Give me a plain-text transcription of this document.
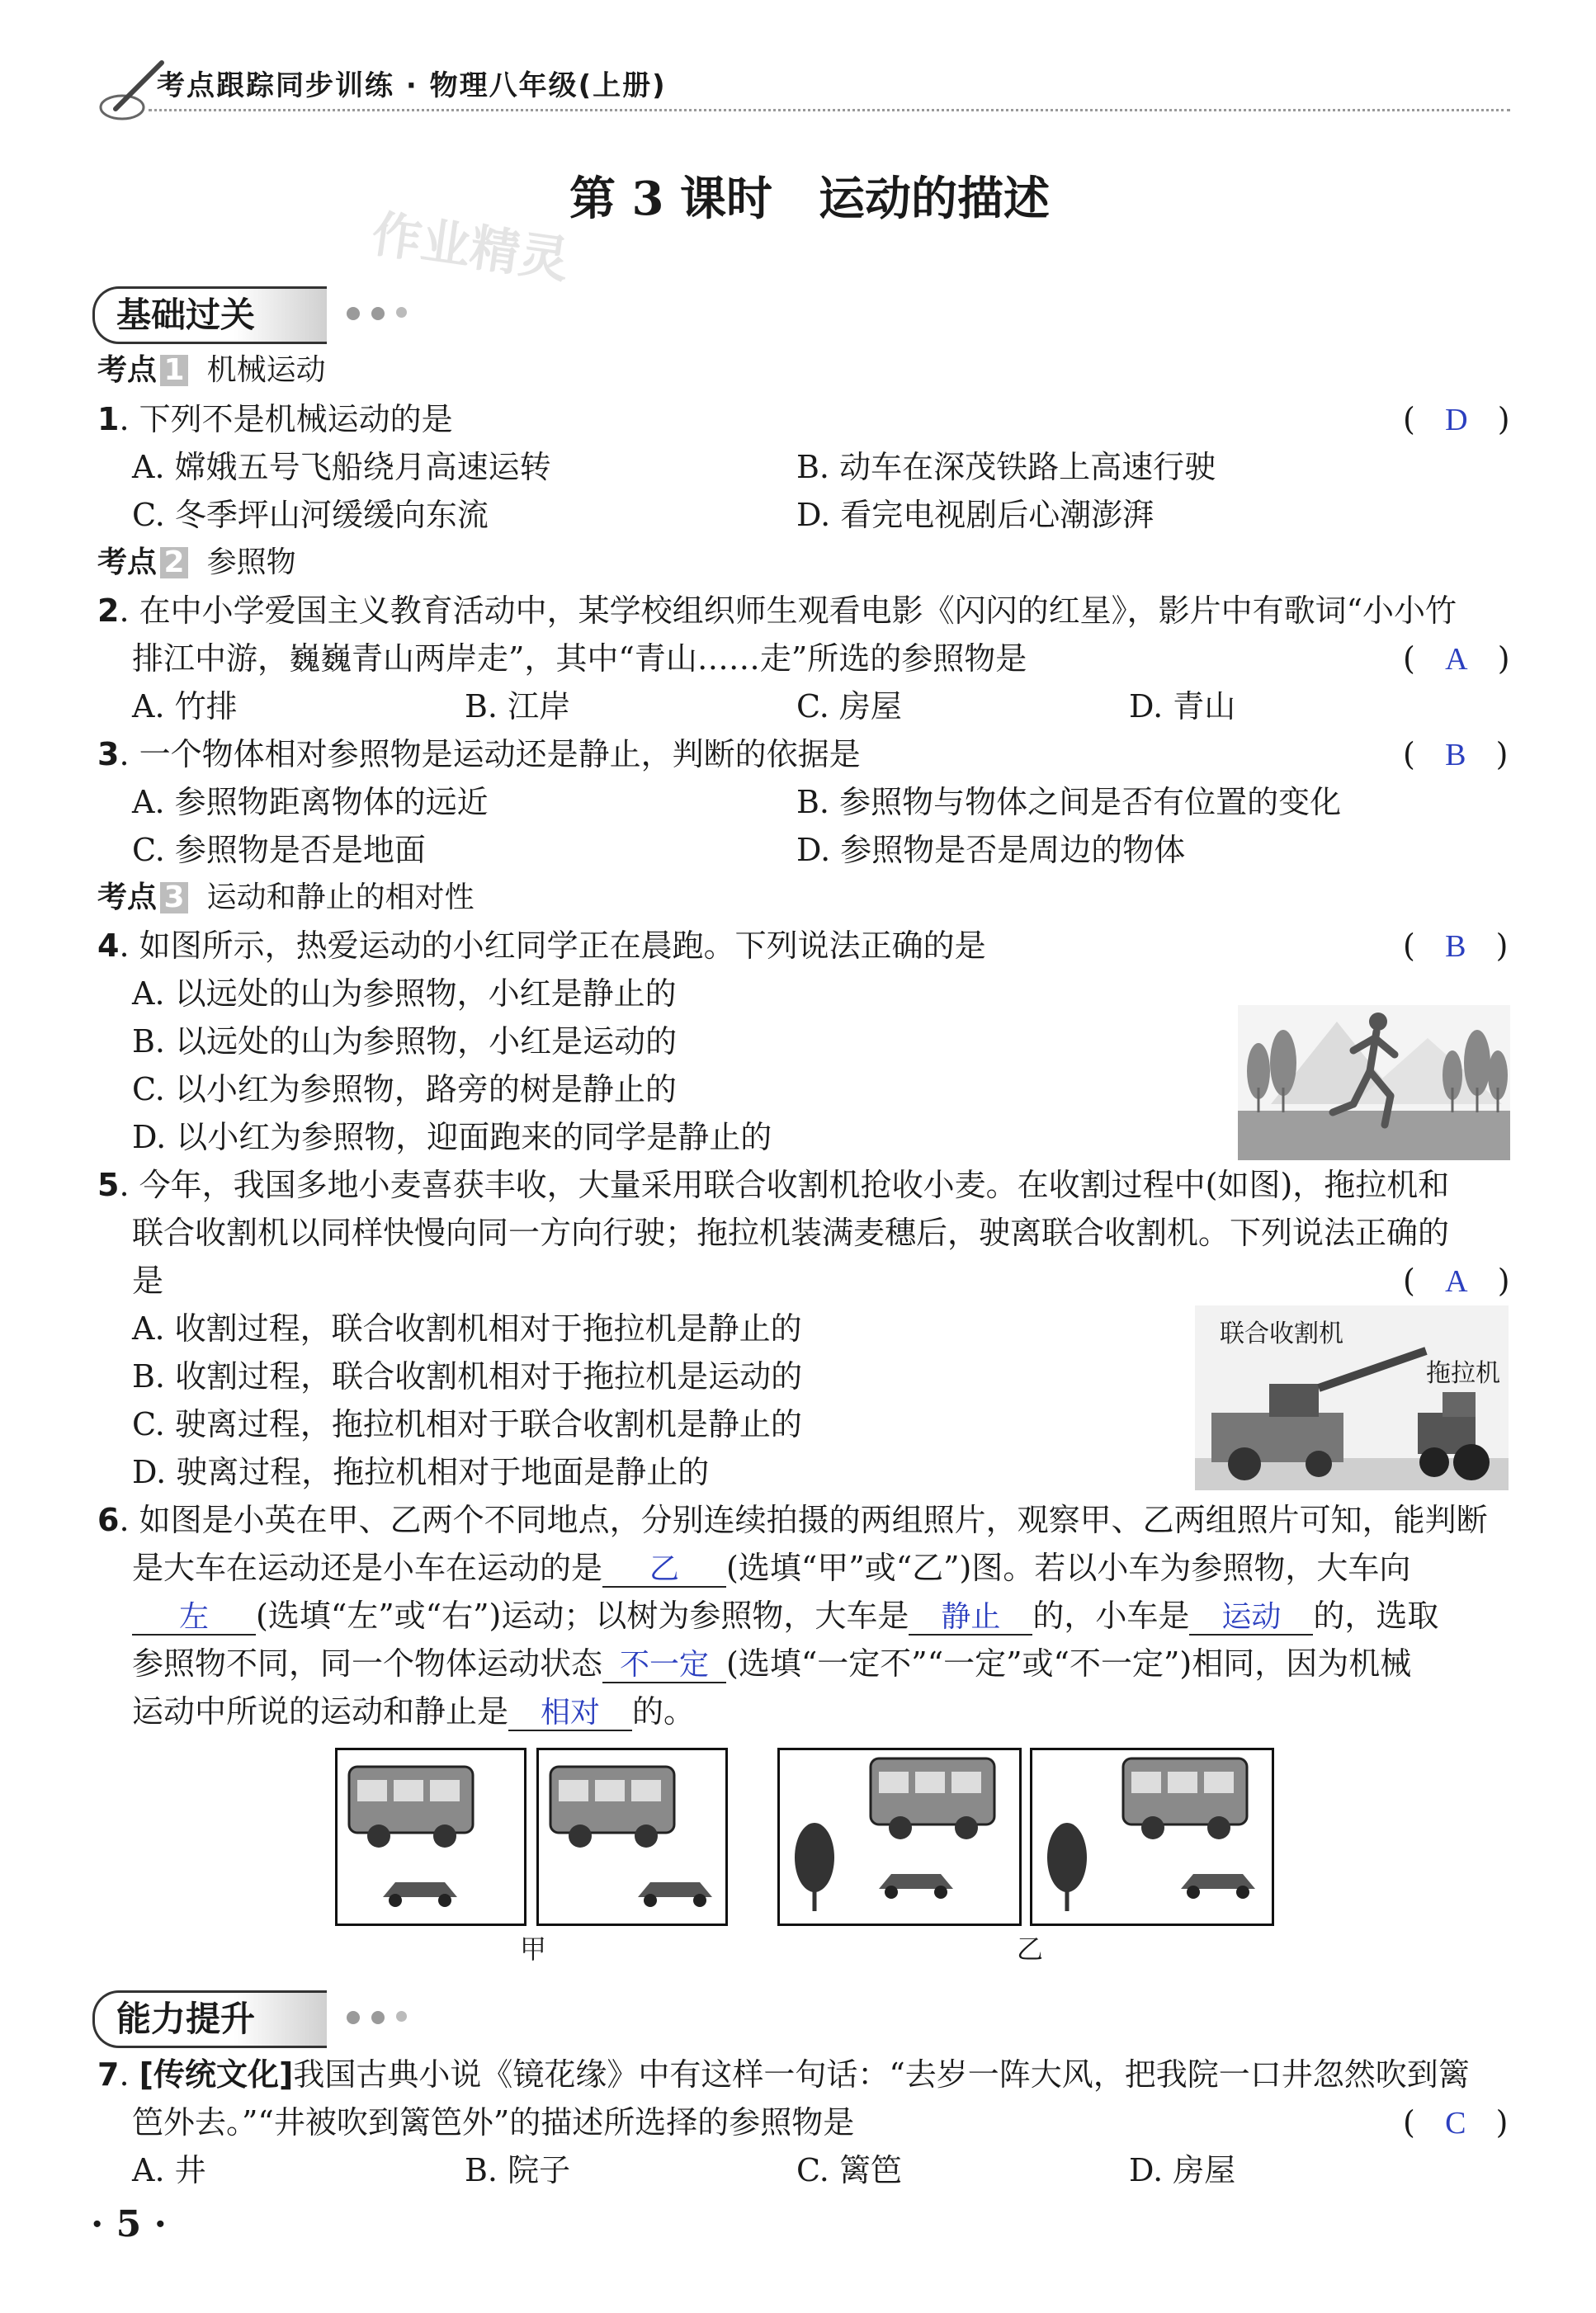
考点跟踪同步训练 · 物理八年级(上册)
第 3 课时　运动的描述
作业精灵
基础过关
考点 1 机械运动
1. 下列不是机械运动的是	(   D   )
A. 嫦娥五号飞船绕月高速运转	B. 动车在深茂铁路上高速行驶
C. 冬季坪山河缓缓向东流	D. 看完电视剧后心潮澎湃
考点 2 参照物
2. 在中小学爱国主义教育活动中，某学校组织师生观看电影《闪闪的红星》，影片中有歌词“小小竹
排江中游，巍巍青山两岸走”，其中“青山……走”所选的参照物是	(   A   )
A. 竹排	B. 江岸	C. 房屋	D. 青山
3. 一个物体相对参照物是运动还是静止，判断的依据是	(   B   )
A. 参照物距离物体的远近	B. 参照物与物体之间是否有位置的变化
C. 参照物是否是地面	D. 参照物是否是周边的物体
考点 3 运动和静止的相对性
4. 如图所示，热爱运动的小红同学正在晨跑。下列说法正确的是	(   B   )
A. 以远处的山为参照物，小红是静止的
B. 以远处的山为参照物，小红是运动的
C. 以小红为参照物，路旁的树是静止的
D. 以小红为参照物，迎面跑来的同学是静止的
5. 今年，我国多地小麦喜获丰收，大量采用联合收割机抢收小麦。在收割过程中(如图)，拖拉机和
联合收割机以同样快慢向同一方向行驶；拖拉机装满麦穗后，驶离联合收割机。下列说法正确的
是	(   A   )
A. 收割过程，联合收割机相对于拖拉机是静止的
B. 收割过程，联合收割机相对于拖拉机是运动的
C. 驶离过程，拖拉机相对于联合收割机是静止的
D. 驶离过程，拖拉机相对于地面是静止的
联合收割机
拖拉机
6. 如图是小英在甲、乙两个不同地点，分别连续拍摄的两组照片，观察甲、乙两组照片可知，能判断
是大车在运动还是小车在运动的是 乙 (选填“甲”或“乙”)图。若以小车为参照物，大车向
左 (选填“左”或“右”)运动；以树为参照物，大车是 静止 的，小车是 运动 的，选取
参照物不同，同一个物体运动状态 不一定 (选填“一定不”“一定”或“不一定”)相同，因为机械
运动中所说的运动和静止是 相对 的。
甲	乙
能力提升
7. [传统文化]我国古典小说《镜花缘》中有这样一句话：“去岁一阵大风，把我院一口井忽然吹到篱
笆外去。”“井被吹到篱笆外”的描述所选择的参照物是	(   C   )
A. 井	B. 院子	C. 篱笆	D. 房屋
· 5 ·
